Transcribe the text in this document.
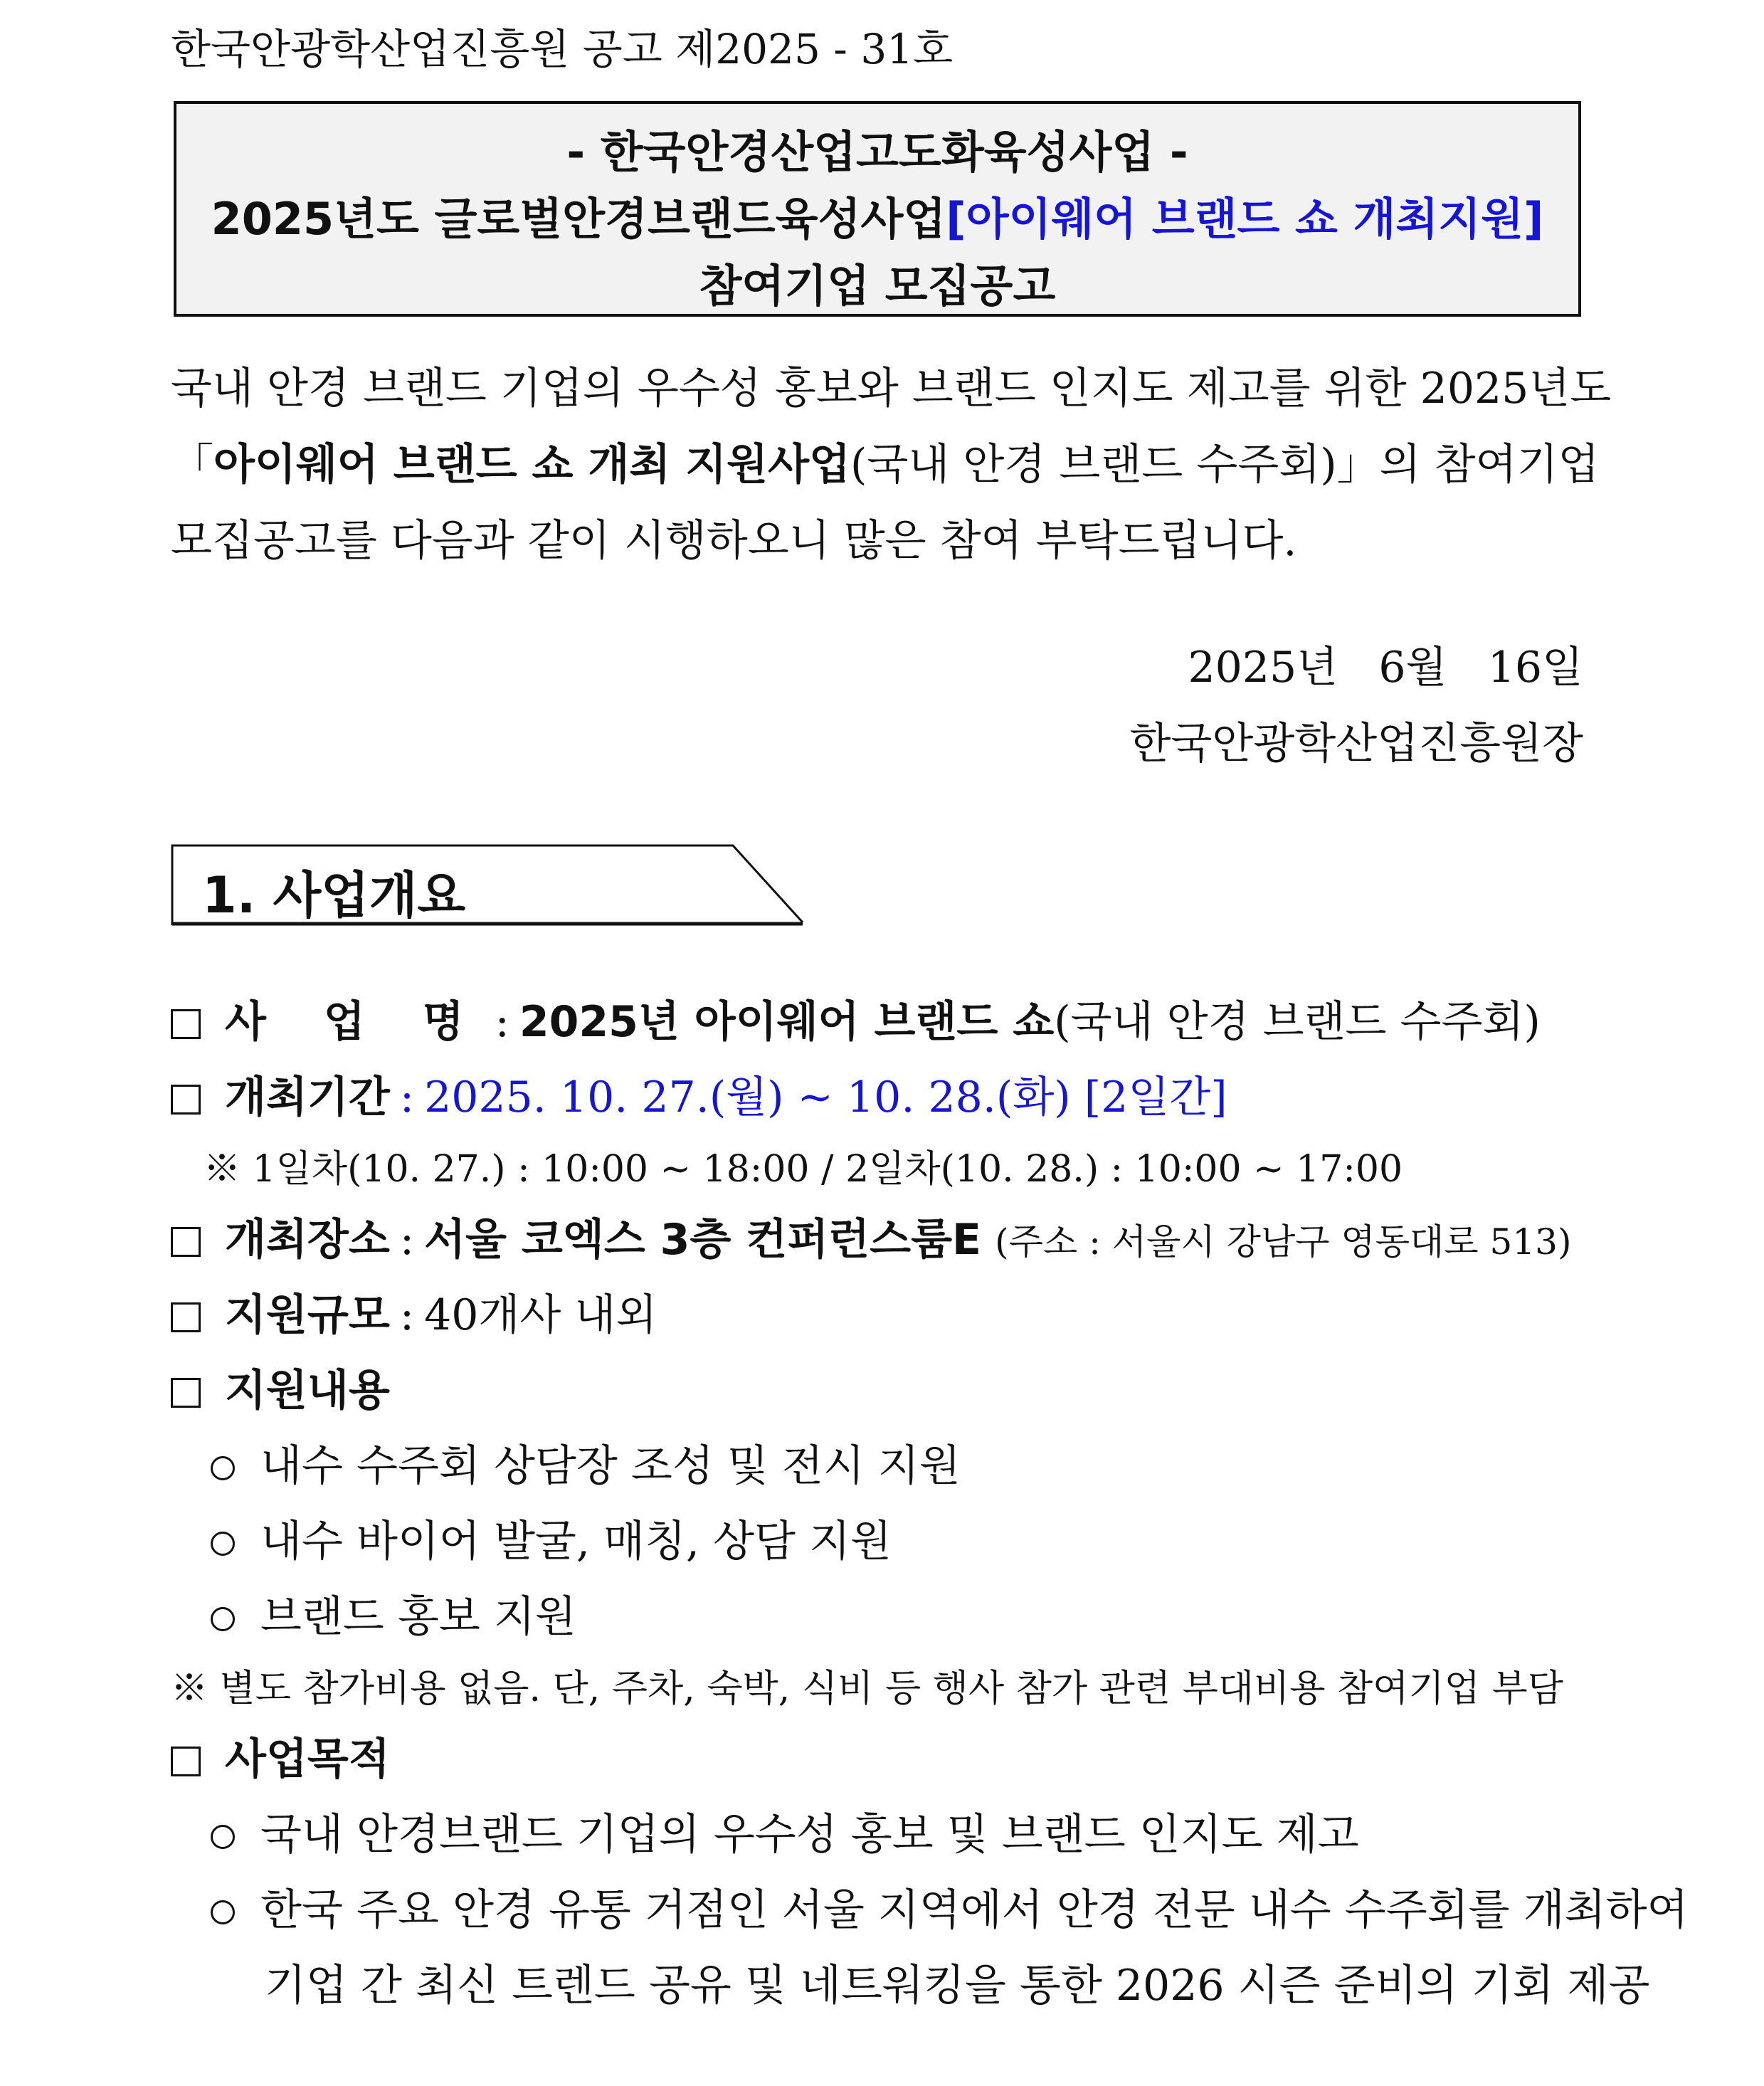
한국안광학산업진흥원 공고 제2025 - 31호
- 한국안경산업고도화육성사업 -
2025년도 글로벌안경브랜드육성사업[아이웨어 브랜드 쇼 개최지원]
참여기업 모집공고
국내 안경 브랜드 기업의 우수성 홍보와 브랜드 인지도 제고를 위한 2025년도
「아이웨어 브랜드 쇼 개최 지원사업(국내 안경 브랜드 수주회)」의 참여기업
모집공고를 다음과 같이 시행하오니 많은 참여 부탁드립니다.
2025년   6월   16일
한국안광학산업진흥원장
1. 사업개요
사 업 명 : 2025년 아이웨어 브랜드 쇼(국내 안경 브랜드 수주회)
개최기간 : 2025. 10. 27.(월) ~ 10. 28.(화) [2일간]
※ 1일차(10. 27.) : 10:00 ~ 18:00 / 2일차(10. 28.) : 10:00 ~ 17:00
개최장소 : 서울 코엑스 3층 컨퍼런스룸E (주소 : 서울시 강남구 영동대로 513)
지원규모 : 40개사 내외
지원내용
내수 수주회 상담장 조성 및 전시 지원
내수 바이어 발굴, 매칭, 상담 지원
브랜드 홍보 지원
※ 별도 참가비용 없음. 단, 주차, 숙박, 식비 등 행사 참가 관련 부대비용 참여기업 부담
사업목적
국내 안경브랜드 기업의 우수성 홍보 및 브랜드 인지도 제고
한국 주요 안경 유통 거점인 서울 지역에서 안경 전문 내수 수주회를 개최하여
기업 간 최신 트렌드 공유 및 네트워킹을 통한 2026 시즌 준비의 기회 제공
